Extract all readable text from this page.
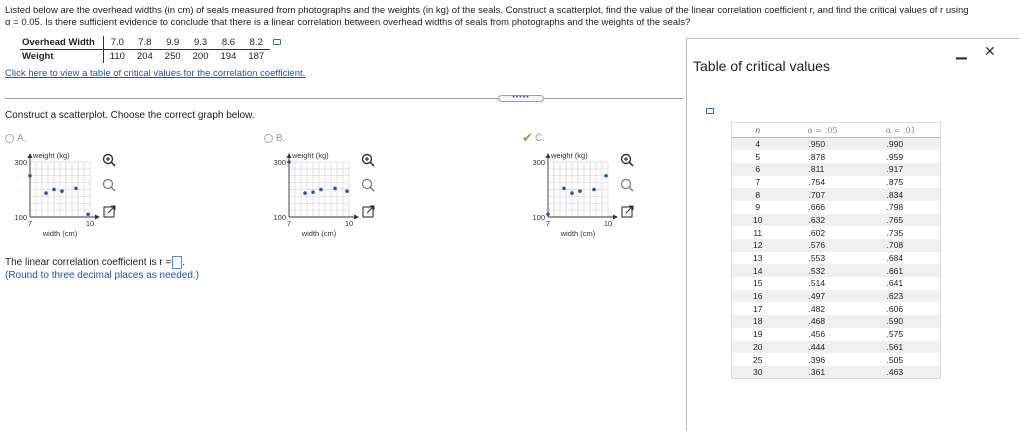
Listed below are the overhead widths (in cm) of seals measured from photographs and the weights (in kg) of the seals. Construct a scatterplot, find the value of the linear correlation coefficient r, and find the critical values of r using
α = 0.05. Is there sufficient evidence to conclude that there is a linear correlation between overhead widths of seals from photographs and the weights of the seals?
Overhead Width	7.0	7.8	9.9	9.3	8.6	8.2	
Weight	110	204	250	200	194	187	
Click here to view a table of critical values for the correlation coefficient.
•••••
Construct a scatterplot. Choose the correct graph below.
A.
weight (kg)
300
100
7	10
width (cm)
B.
weight (kg)
300
100
7	10
width (cm)
✔ C.
weight (kg)
300
100
7	10
width (cm)
The linear correlation coefficient is r = .
(Round to three decimal places as needed.)
Table of critical values
▁ ✕
n	α = .05	α = .01
4	.950	.990
5	.878	.959
6	.811	.917
7	.754	.875
8	.707	.834
9	.666	.798
10	.632	.765
11	.602	.735
12	.576	.708
13	.553	.684
14	.532	.661
15	.514	.641
16	.497	.623
17	.482	.606
18	.468	.590
19	.456	.575
20	.444	.561
25	.396	.505
30	.361	.463
